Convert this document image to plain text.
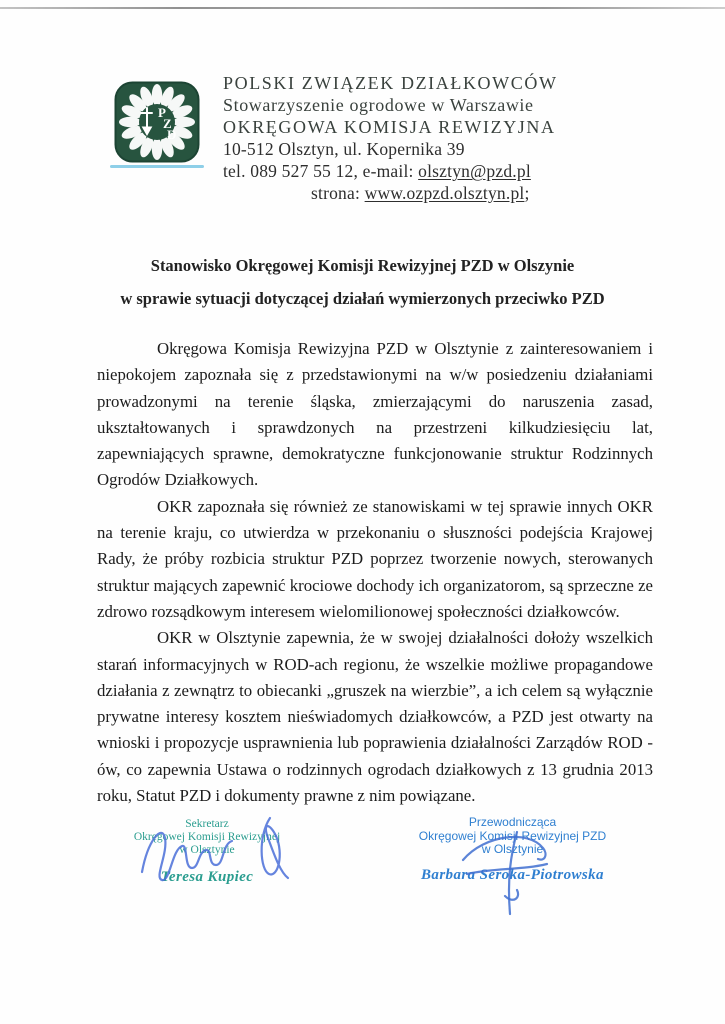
P
Z
D
POLSKI ZWIĄZEK DZIAŁKOWCÓW
Stowarzyszenie ogrodowe w Warszawie
OKRĘGOWA KOMISJA REWIZYJNA
10-512 Olsztyn, ul. Kopernika 39
tel. 089 527 55 12, e-mail: olsztyn@pzd.pl
strona: www.ozpzd.olsztyn.pl;
Stanowisko Okręgowej Komisji Rewizyjnej PZD w Olszynie
w sprawie sytuacji dotyczącej działań wymierzonych przeciwko PZD

Okręgowa Komisja Rewizyjna PZD w Olsztynie z zainteresowaniem i niepokojem zapoznała się z przedstawionymi na w/w posiedzeniu działaniami prowadzonymi na terenie śląska, zmierzającymi do naruszenia zasad, ukształtowanych i sprawdzonych na przestrzeni kilkudziesięciu lat, zapewniających sprawne, demokratyczne funkcjonowanie struktur Rodzinnych Ogrodów Działkowych.

OKR zapoznała się również ze stanowiskami w tej sprawie innych OKR na terenie kraju, co utwierdza w przekonaniu o słuszności podejścia Krajowej Rady, że próby rozbicia struktur PZD poprzez tworzenie nowych, sterowanych struktur mających zapewnić krociowe dochody ich organizatorom, są sprzeczne ze zdrowo rozsądkowym interesem wielomilionowej społeczności działkowców.

OKR w Olsztynie zapewnia, że w swojej działalności dołoży wszelkich starań informacyjnych w ROD-ach regionu, że wszelkie możliwe propagandowe działania z zewnątrz to obiecanki „gruszek na wierzbie”, a ich celem są wyłącznie prywatne interesy kosztem nieświadomych działkowców, a PZD jest otwarty na wnioski i propozycje usprawnienia lub poprawienia działalności Zarządów ROD - ów, co zapewnia Ustawa o rodzinnych ogrodach działkowych z 13 grudnia 2013 roku, Statut PZD i dokumenty prawne z nim powiązane.

Sekretarz
Okręgowej Komisji Rewizyjnej
w Olsztynie
Teresa Kupiec
Przewodnicząca
Okręgowej Komisji Rewizyjnej PZD
w Olsztynie
Barbara Seroka-Piotrowska
